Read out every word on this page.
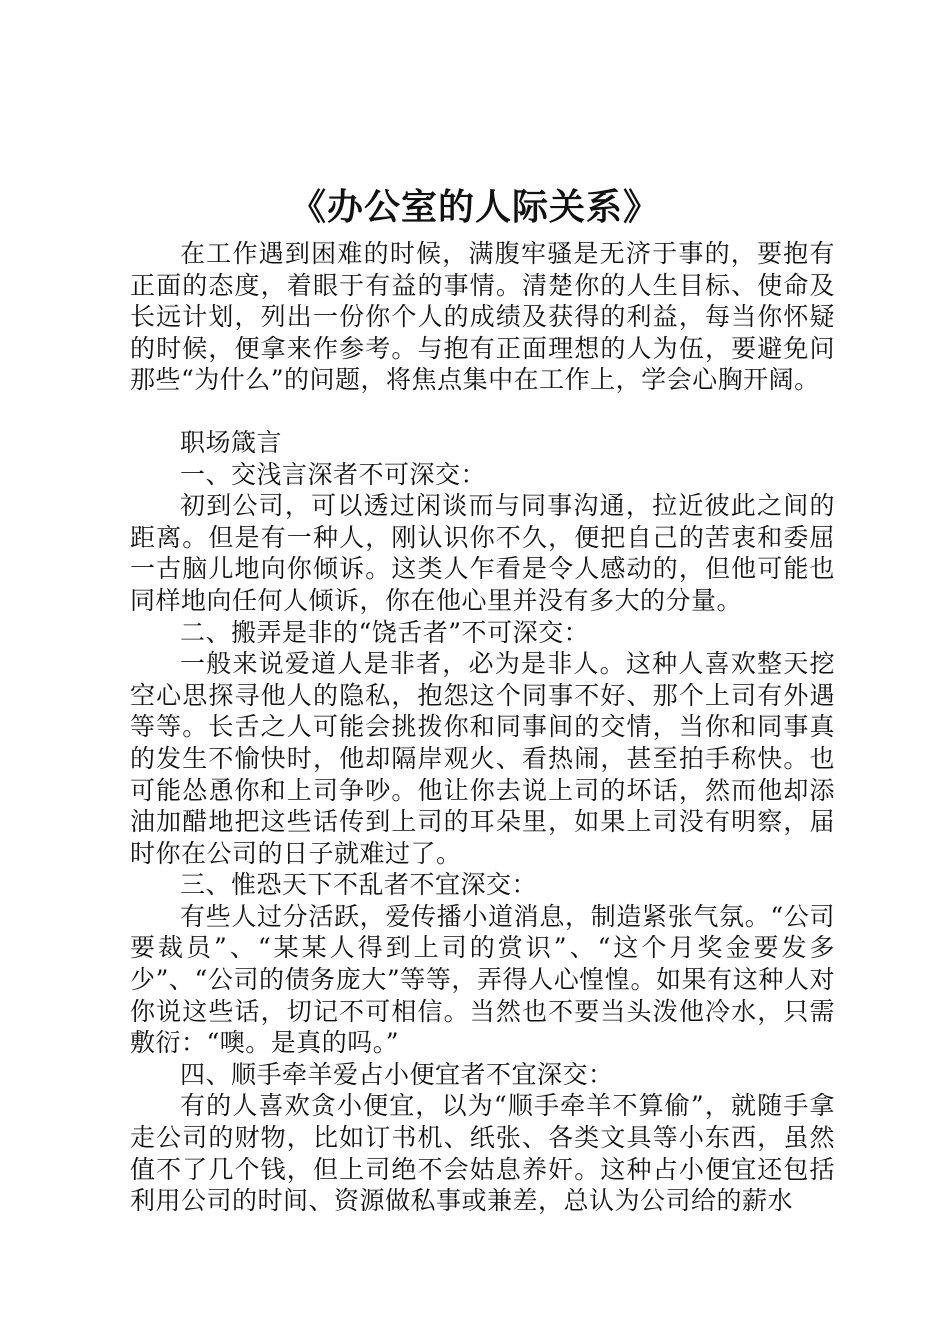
《办公室的人际关系》

在工作遇到困难的时候，满腹牢骚是无济于事的，要抱有正面的态度，着眼于有益的事情。清楚你的人生目标、使命及长远计划，列出一份你个人的成绩及获得的利益，每当你怀疑的时候，便拿来作参考。与抱有正面理想的人为伍，要避免问那些“为什么”的问题，将焦点集中在工作上，学会心胸开阔。

职场箴言

一、交浅言深者不可深交：

初到公司，可以透过闲谈而与同事沟通，拉近彼此之间的距离。但是有一种人，刚认识你不久，便把自己的苦衷和委屈一古脑儿地向你倾诉。这类人乍看是令人感动的，但他可能也同样地向任何人倾诉，你在他心里并没有多大的分量。

二、搬弄是非的“饶舌者”不可深交：

一般来说爱道人是非者，必为是非人。这种人喜欢整天挖空心思探寻他人的隐私，抱怨这个同事不好、那个上司有外遇等等。长舌之人可能会挑拨你和同事间的交情，当你和同事真的发生不愉快时，他却隔岸观火、看热闹，甚至拍手称快。也可能怂恿你和上司争吵。他让你去说上司的坏话，然而他却添油加醋地把这些话传到上司的耳朵里，如果上司没有明察，届时你在公司的日子就难过了。

三、惟恐天下不乱者不宜深交：

有些人过分活跃，爱传播小道消息，制造紧张气氛。“公司要裁员”、“某某人得到上司的赏识”、“这个月奖金要发多少”、“公司的债务庞大”等等，弄得人心惶惶。如果有这种人对你说这些话，切记不可相信。当然也不要当头泼他冷水，只需敷衍：“噢。是真的吗。”

四、顺手牵羊爱占小便宜者不宜深交：

有的人喜欢贪小便宜，以为“顺手牵羊不算偷”，就随手拿走公司的财物，比如订书机、纸张、各类文具等小东西，虽然值不了几个钱，但上司绝不会姑息养奸。这种占小便宜还包括利用公司的时间、资源做私事或兼差，总认为公司给的薪水
